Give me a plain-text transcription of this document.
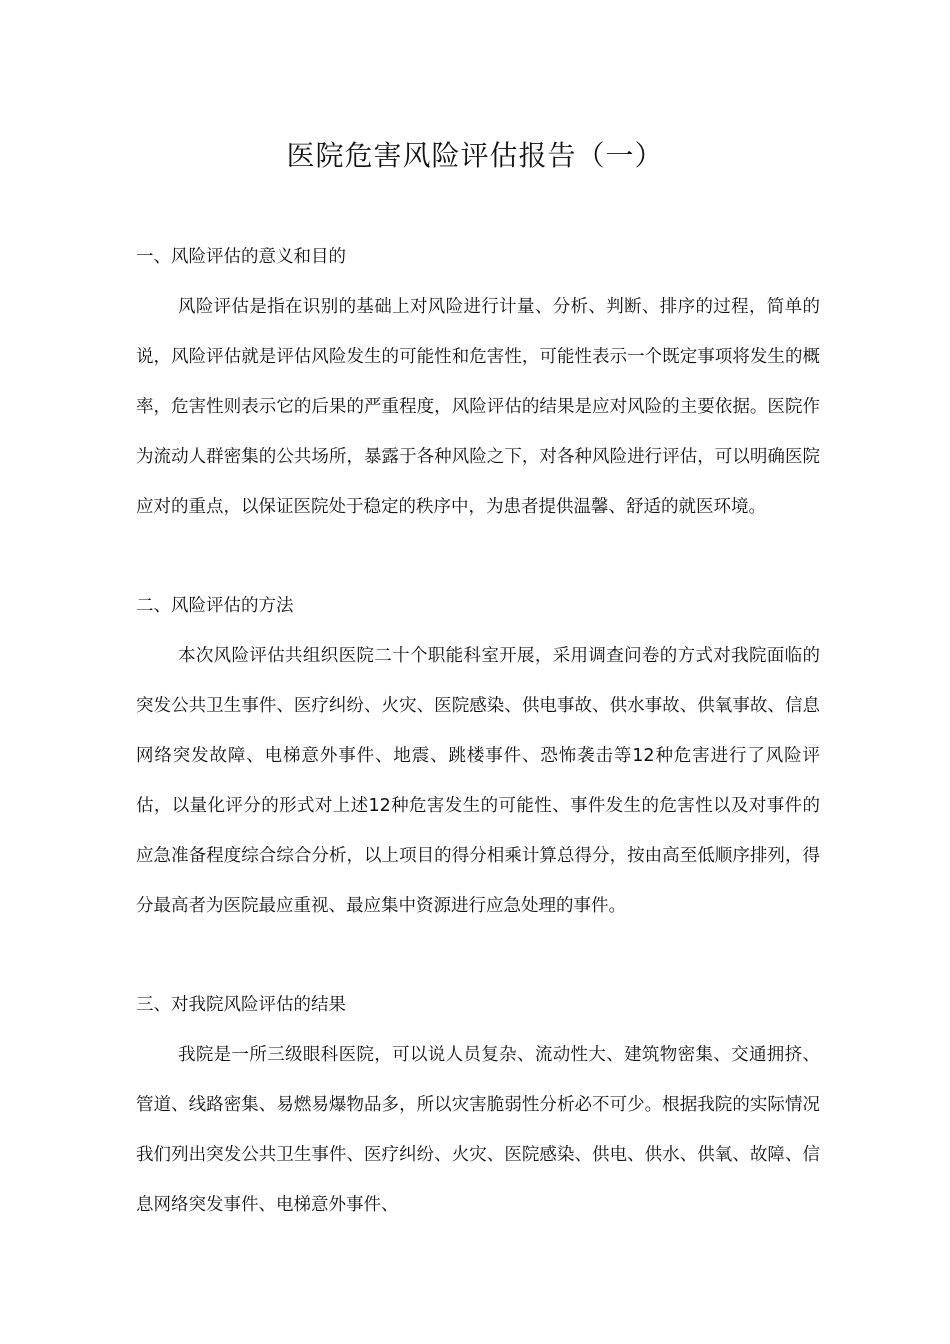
医院危害风险评估报告（一）

一、风险评估的意义和目的

风险评估是指在识别的基础上对风险进行计量、分析、判断、排序的过程，简单的说，风险评估就是评估风险发生的可能性和危害性，可能性表示一个既定事项将发生的概率，危害性则表示它的后果的严重程度，风险评估的结果是应对风险的主要依据。医院作为流动人群密集的公共场所，暴露于各种风险之下，对各种风险进行评估，可以明确医院应对的重点，以保证医院处于稳定的秩序中，为患者提供温馨、舒适的就医环境。

二、风险评估的方法

本次风险评估共组织医院二十个职能科室开展，采用调查问卷的方式对我院面临的突发公共卫生事件、医疗纠纷、火灾、医院感染、供电事故、供水事故、供氧事故、信息网络突发故障、电梯意外事件、地震、跳楼事件、恐怖袭击等12种危害进行了风险评估，以量化评分的形式对上述12种危害发生的可能性、事件发生的危害性以及对事件的应急准备程度综合综合分析，以上项目的得分相乘计算总得分，按由高至低顺序排列，得分最高者为医院最应重视、最应集中资源进行应急处理的事件。

三、对我院风险评估的结果

我院是一所三级眼科医院，可以说人员复杂、流动性大、建筑物密集、交通拥挤、管道、线路密集、易燃易爆物品多，所以灾害脆弱性分析必不可少。根据我院的实际情况我们列出突发公共卫生事件、医疗纠纷、火灾、医院感染、供电、供水、供氧、故障、信息网络突发事件、电梯意外事件、
